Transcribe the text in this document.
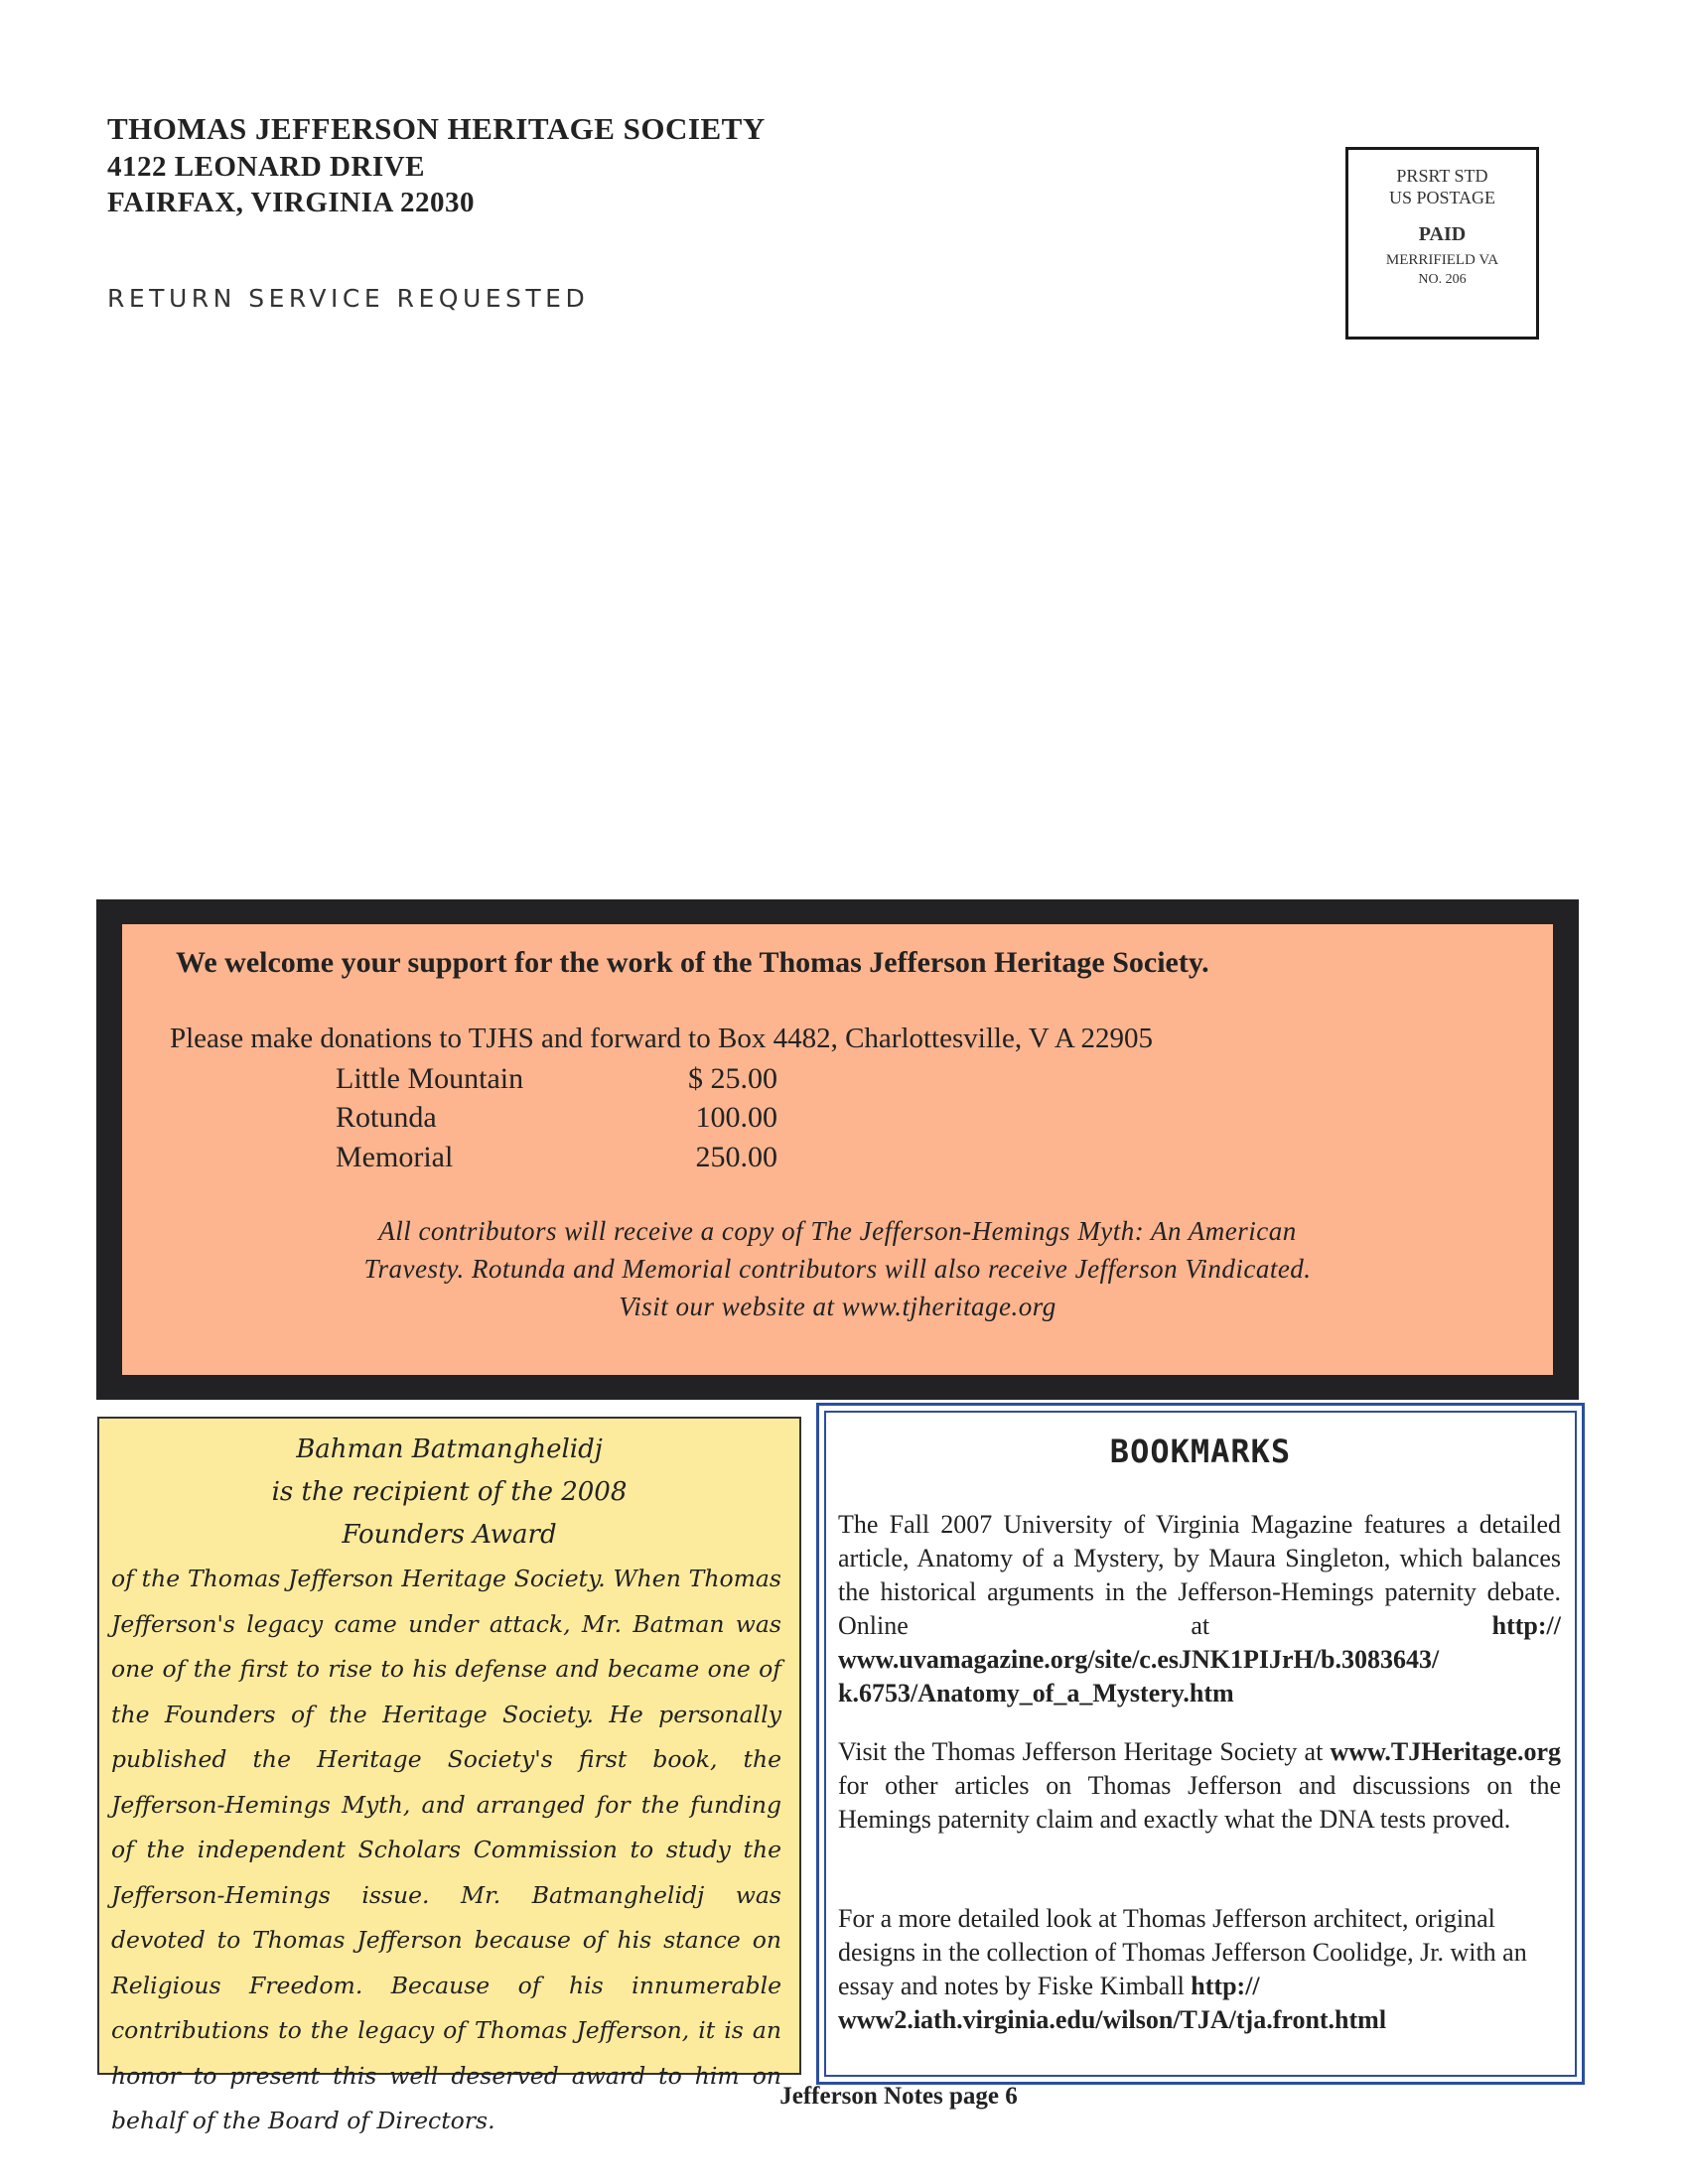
THOMAS JEFFERSON HERITAGE SOCIETY
4122 LEONARD DRIVE
FAIRFAX, VIRGINIA 22030
RETURN SERVICE REQUESTED
PRSRT STD
US POSTAGE
PAID
MERRIFIELD VA
NO. 206
We welcome your support for the work of the Thomas Jefferson Heritage Society.
Please make donations to TJHS and forward to Box 4482, Charlottesville, V A 22905
Little Mountain	$ 25.00
Rotunda	100.00
Memorial	250.00
All contributors will receive a copy of The Jefferson-Hemings Myth: An American
Travesty. Rotunda and Memorial contributors will also receive Jefferson Vindicated.
Visit our website at www.tjheritage.org
Bahman Batmanghelidj
is the recipient of the 2008
Founders Award
of the Thomas Jefferson Heritage Society. When Thomas Jefferson's legacy came under attack, Mr. Batman was one of the first to rise to his defense and became one of the Founders of the Heritage Society. He personally published the Heritage Society's first book, the Jefferson-Hemings Myth, and arranged for the funding of the independent Scholars Commission to study the Jefferson-Hemings issue. Mr. Batmanghelidj was devoted to Thomas Jefferson because of his stance on Religious Freedom. Because of his innumerable contributions to the legacy of Thomas Jefferson, it is an honor to present this well deserved award to him on behalf of the Board of Directors.
BOOKMARKS
The Fall 2007 University of Virginia Magazine features a detailed article, Anatomy of a Mystery, by Maura Singleton, which balances the historical arguments in the Jefferson-Hemings paternity debate. Online at	http:// www.uvamagazine.org/site/c.esJNK1PIJrH/b.3083643/ k.6753/Anatomy_of_a_Mystery.htm
Visit the Thomas Jefferson Heritage Society at www.TJHeritage.org for other articles on Thomas Jefferson and discussions on the Hemings paternity claim and exactly what the DNA tests proved.
For a more detailed look at Thomas Jefferson architect, original designs in the collection of Thomas Jefferson Coolidge, Jr. with an essay and notes by Fiske Kimball http:// www2.iath.virginia.edu/wilson/TJA/tja.front.html
Jefferson Notes page 6
